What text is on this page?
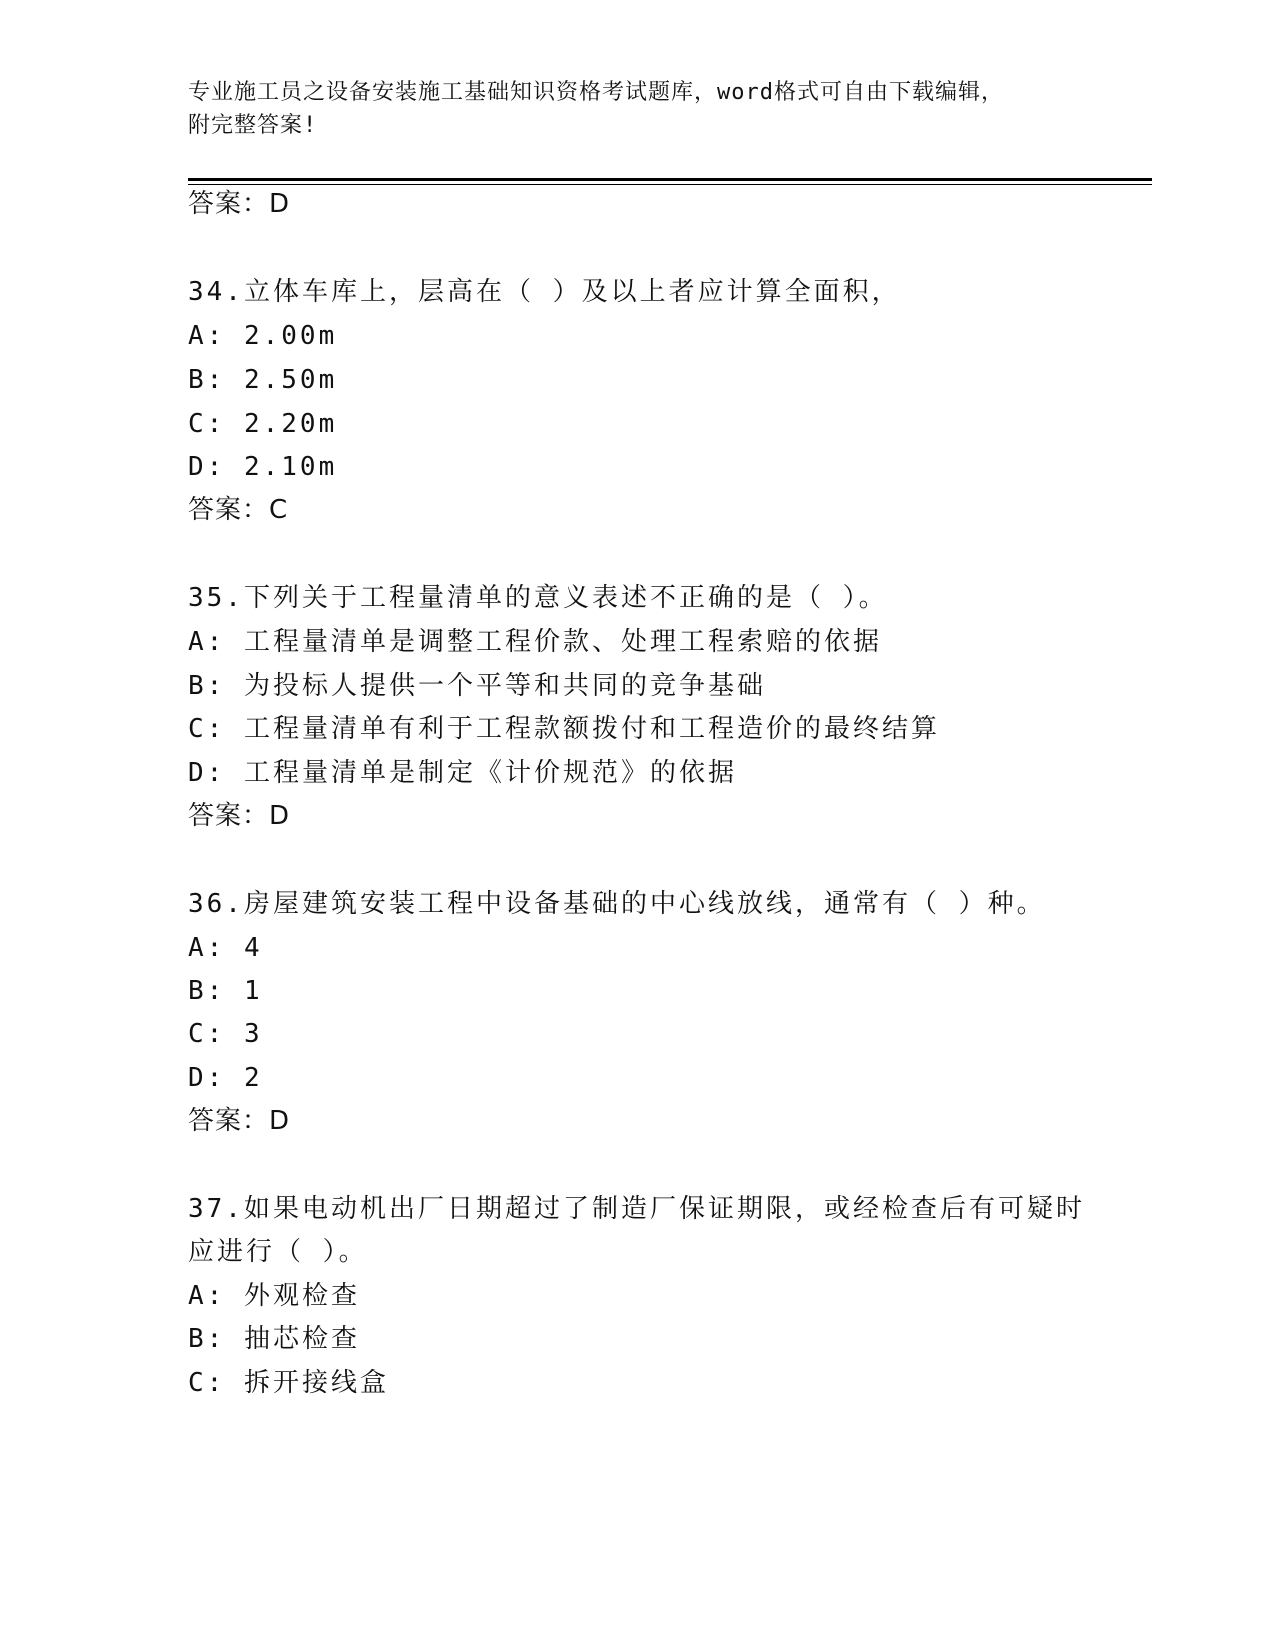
专业施工员之设备安装施工基础知识资格考试题库，word格式可自由下载编辑，
附完整答案!
答案：D
34.立体车库上，层高在（ ）及以上者应计算全面积，
A: 2.00m
B: 2.50m
C: 2.20m
D: 2.10m
答案：C
35.下列关于工程量清单的意义表述不正确的是（ ）。
A: 工程量清单是调整工程价款、处理工程索赔的依据
B: 为投标人提供一个平等和共同的竞争基础
C: 工程量清单有利于工程款额拨付和工程造价的最终结算
D: 工程量清单是制定《计价规范》的依据
答案：D
36.房屋建筑安装工程中设备基础的中心线放线，通常有（ ）种。
A: 4
B: 1
C: 3
D: 2
答案：D
37.如果电动机出厂日期超过了制造厂保证期限，或经检查后有可疑时
应进行（ ）。
A: 外观检查
B: 抽芯检查
C: 拆开接线盒
